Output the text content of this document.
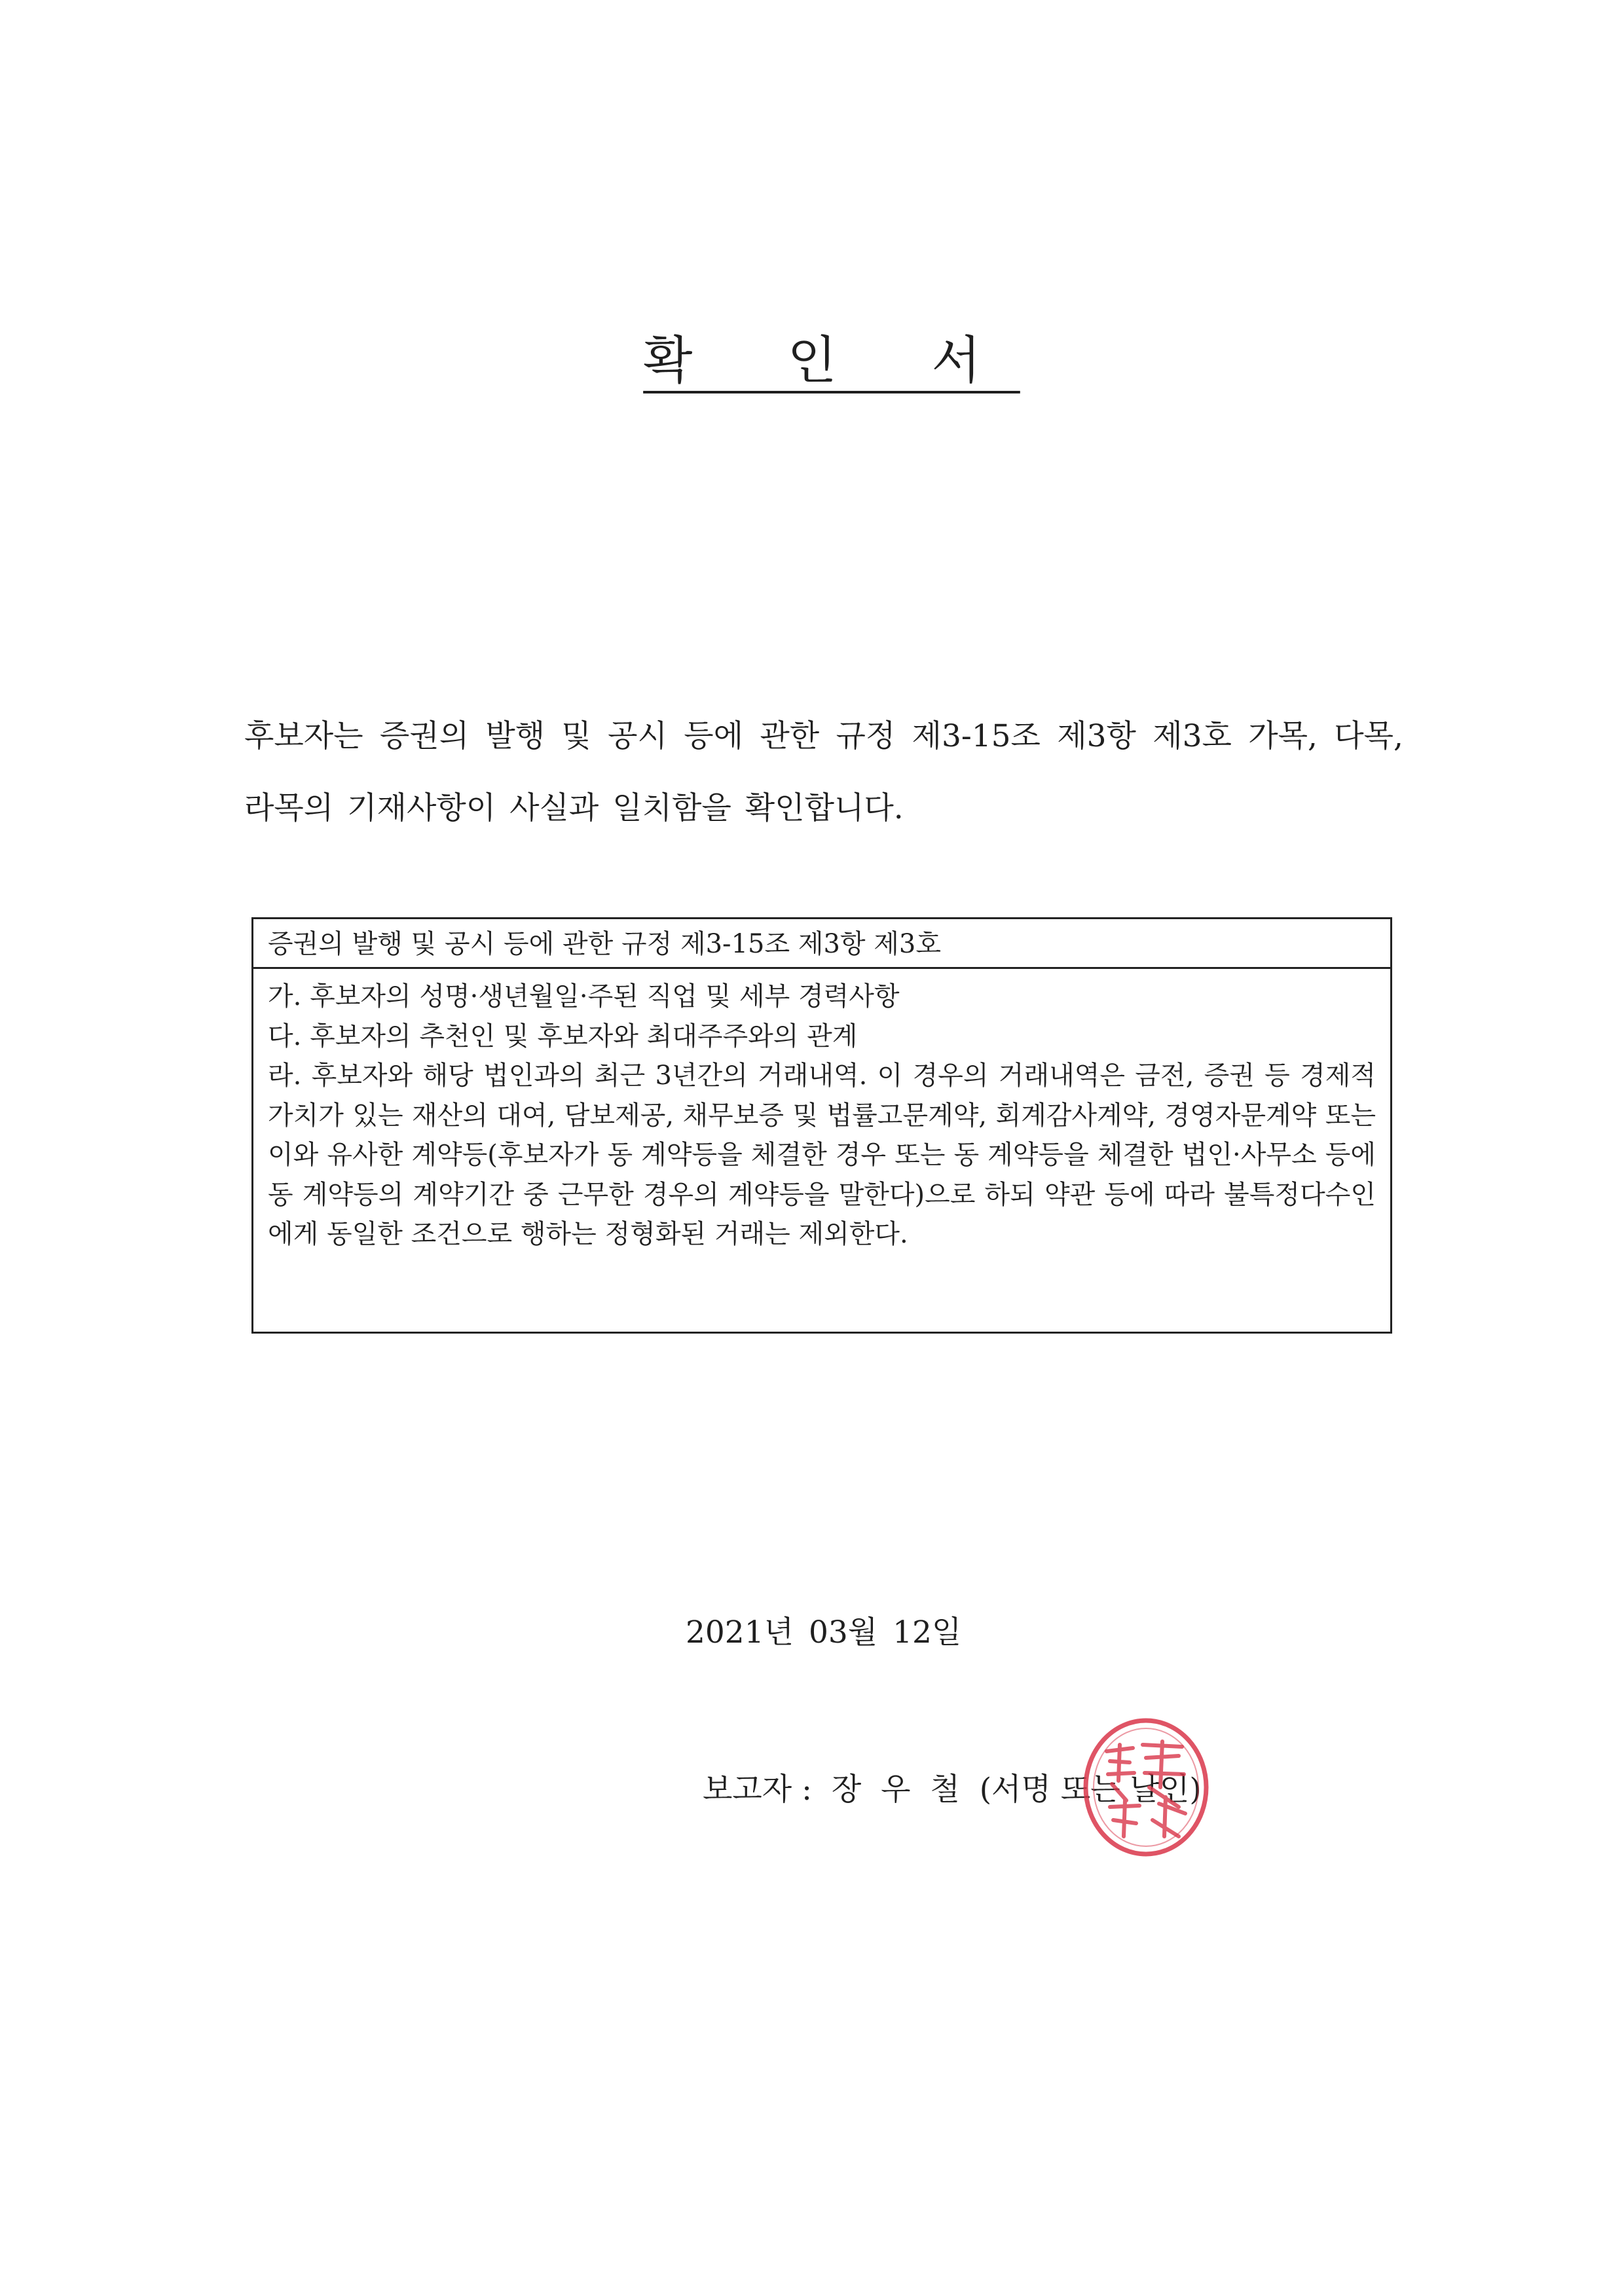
확 인 서
후보자는 증권의 발행 및 공시 등에 관한 규정 제3-15조 제3항 제3호 가목, 다목, 라목의 기재사항이 사실과 일치함을 확인합니다.
증권의 발행 및 공시 등에 관한 규정 제3-15조 제3항 제3호
가. 후보자의 성명·생년월일·주된 직업 및 세부 경력사항
다. 후보자의 추천인 및 후보자와 최대주주와의 관계
라. 후보자와 해당 법인과의 최근 3년간의 거래내역. 이 경우의 거래내역은 금전, 증권 등 경제적 가치가 있는 재산의 대여, 담보제공, 채무보증 및 법률고문계약, 회계감사계약, 경영자문계약 또는 이와 유사한 계약등(후보자가 동 계약등을 체결한 경우 또는 동 계약등을 체결한 법인·사무소 등에 동 계약등의 계약기간 중 근무한 경우의 계약등을 말한다)으로 하되 약관 등에 따라 불특정다수인에게 동일한 조건으로 행하는 정형화된 거래는 제외한다.
2021년 03월 12일
보고자 :  장  우  철  (서명 또는 날인)
